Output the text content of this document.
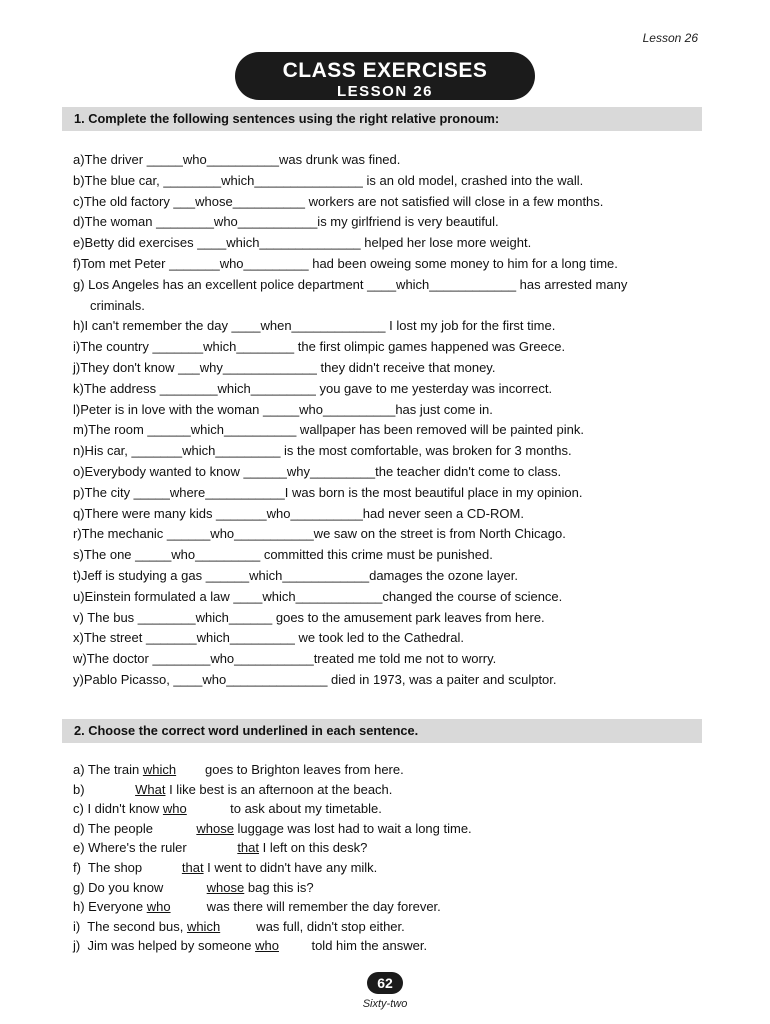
Lesson 26
CLASS EXERCISES
LESSON 26
1. Complete the following sentences using the right relative pronoum:
a)The driver _____who__________was drunk was fined.
b)The blue car, ________which_______________ is an old model, crashed into the wall.
c)The old factory ___whose__________ workers are not satisfied will close in a few months.
d)The woman ________who___________is my girlfriend is very beautiful.
e)Betty did exercises ____which______________ helped her lose more weight.
f)Tom met Peter _______who_________ had been oweing some money to him for a long time.
g) Los Angeles has an excellent police department ____which____________ has arrested many
criminals.
h)I can't remember the day ____when_____________ I lost my job for the first time.
i)The country _______which________ the first olimpic games happened was Greece.
j)They don't know ___why_____________ they didn't receive that money.
k)The address ________which_________ you gave to me yesterday was incorrect.
l)Peter is in love with the woman _____who__________has just come in.
m)The room ______which__________ wallpaper has been removed will be painted pink.
n)His car, _______which_________ is the most comfortable, was broken for 3 months.
o)Everybody wanted to know ______why_________the teacher didn't come to class.
p)The city _____where___________I was born is the most beautiful place in my opinion.
q)There were many kids _______who__________had never seen a CD-ROM.
r)The mechanic ______who___________we saw on the street is from North Chicago.
s)The one _____who_________ committed this crime must be punished.
t)Jeff is studying a gas ______which____________damages the ozone layer.
u)Einstein formulated a law ____which____________changed the course of science.
v) The bus ________which______ goes to the amusement park leaves from here.
x)The street _______which_________ we took led to the Cathedral.
w)The doctor ________who___________treated me told me not to worry.
y)Pablo Picasso, ____who______________ died in 1973, was a paiter and sculptor.
2. Choose the correct word underlined in each sentence.
a) The train which        goes to Brighton leaves from here.
b)              What I like best is an afternoon at the beach.
c) I didn't know who            to ask about my timetable.
d) The people            whose luggage was lost had to wait a long time.
e) Where's the ruler              that I left on this desk?
f)  The shop           that I went to didn't have any milk.
g) Do you know            whose bag this is?
h) Everyone who          was there will remember the day forever.
i)  The second bus, which          was full, didn't stop either.
j)  Jim was helped by someone who         told him the answer.
62
Sixty-two
